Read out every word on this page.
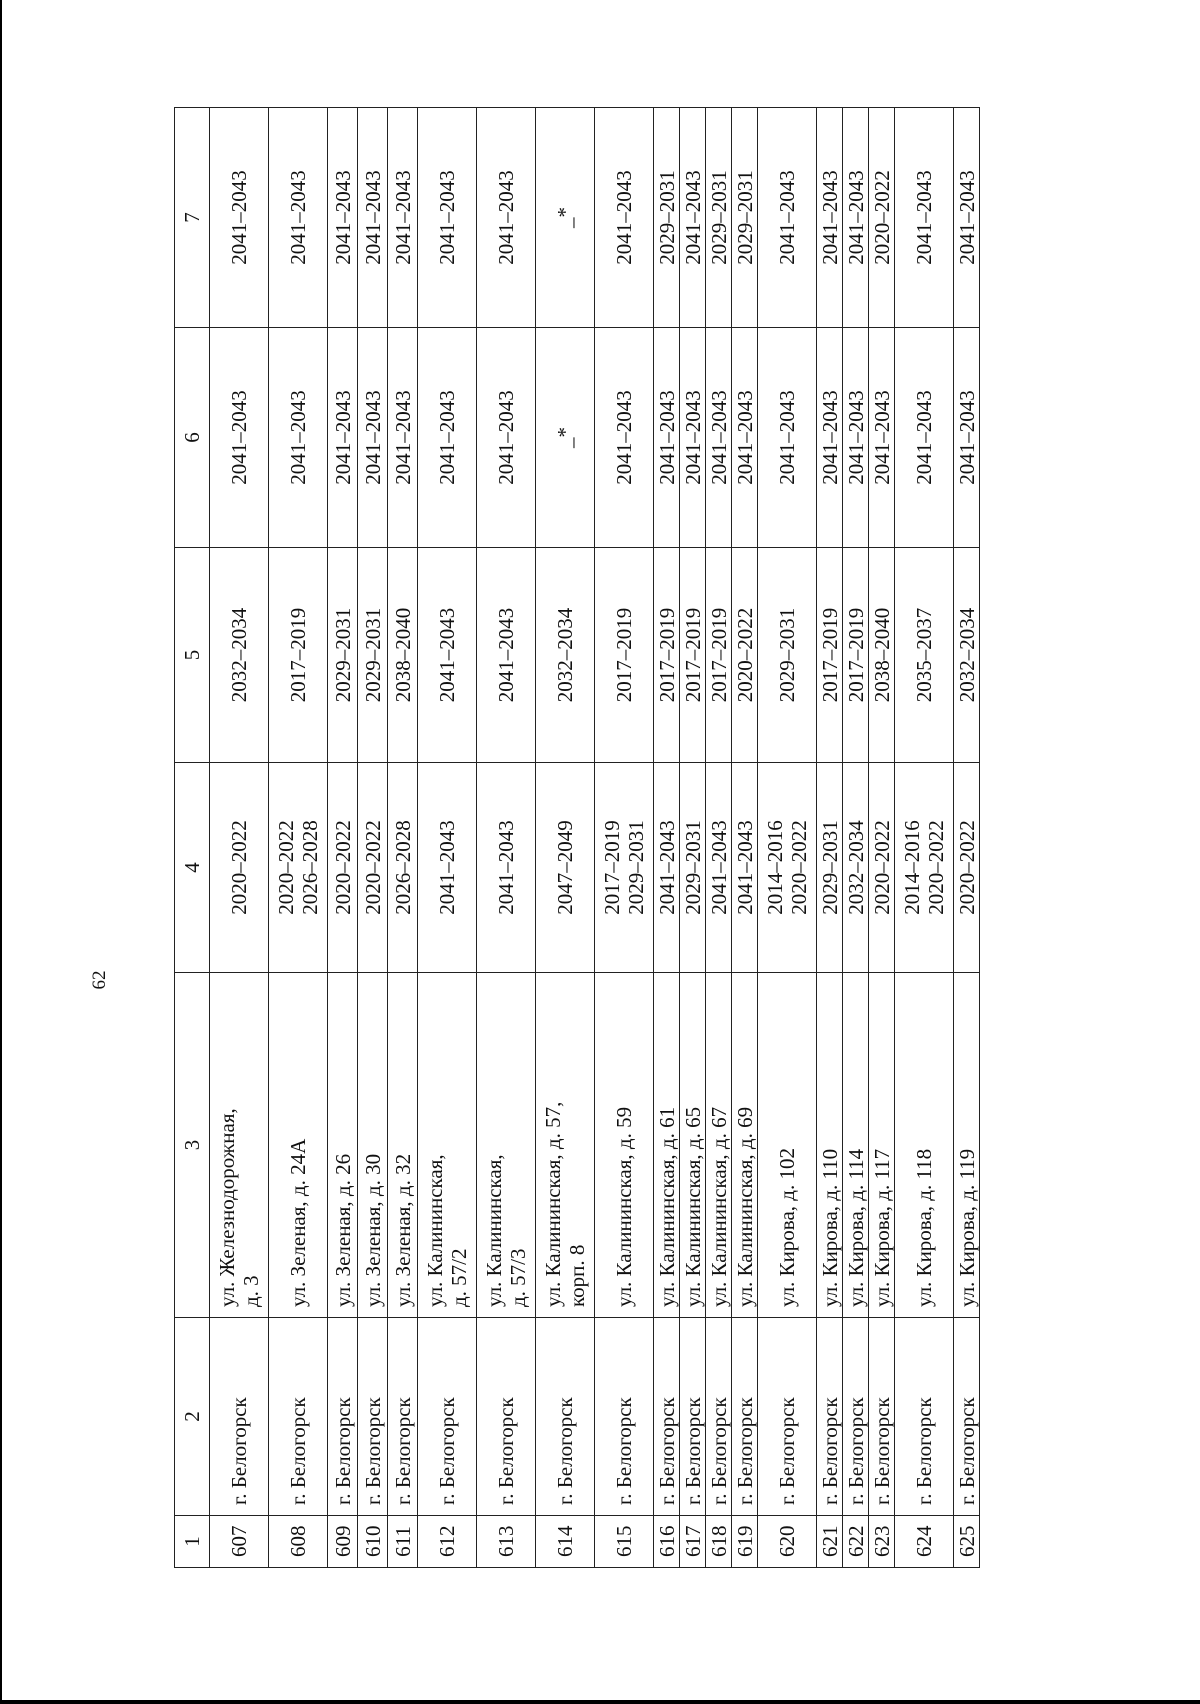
62
1	2	3	4	5	6	7
607	г. Белогорск	ул. Железнодорожная,
д. 3	2020–2022	2032–2034	2041–2043	2041–2043
608	г. Белогорск	ул. Зеленая, д. 24А	2020–2022
2026–2028	2017–2019	2041–2043	2041–2043
609	г. Белогорск	ул. Зеленая, д. 26	2020–2022	2029–2031	2041–2043	2041–2043
610	г. Белогорск	ул. Зеленая, д. 30	2020–2022	2029–2031	2041–2043	2041–2043
611	г. Белогорск	ул. Зеленая, д. 32	2026–2028	2038–2040	2041–2043	2041–2043
612	г. Белогорск	ул. Калининская,
д. 57/2	2041–2043	2041–2043	2041–2043	2041–2043
613	г. Белогорск	ул. Калининская,
д. 57/3	2041–2043	2041–2043	2041–2043	2041–2043
614	г. Белогорск	ул. Калининская, д. 57,
корп. 8	2047–2049	2032–2034	_*	_*
615	г. Белогорск	ул. Калининская, д. 59	2017–2019
2029–2031	2017–2019	2041–2043	2041–2043
616	г. Белогорск	ул. Калининская, д. 61	2041–2043	2017–2019	2041–2043	2029–2031
617	г. Белогорск	ул. Калининская, д. 65	2029–2031	2017–2019	2041–2043	2041–2043
618	г. Белогорск	ул. Калининская, д. 67	2041–2043	2017–2019	2041–2043	2029–2031
619	г. Белогорск	ул. Калининская, д. 69	2041–2043	2020–2022	2041–2043	2029–2031
620	г. Белогорск	ул. Кирова, д. 102	2014–2016
2020–2022	2029–2031	2041–2043	2041–2043
621	г. Белогорск	ул. Кирова, д. 110	2029–2031	2017–2019	2041–2043	2041–2043
622	г. Белогорск	ул. Кирова, д. 114	2032–2034	2017–2019	2041–2043	2041–2043
623	г. Белогорск	ул. Кирова, д. 117	2020–2022	2038–2040	2041–2043	2020–2022
624	г. Белогорск	ул. Кирова, д. 118	2014–2016
2020–2022	2035–2037	2041–2043	2041–2043
625	г. Белогорск	ул. Кирова, д. 119	2020–2022	2032–2034	2041–2043	2041–2043
